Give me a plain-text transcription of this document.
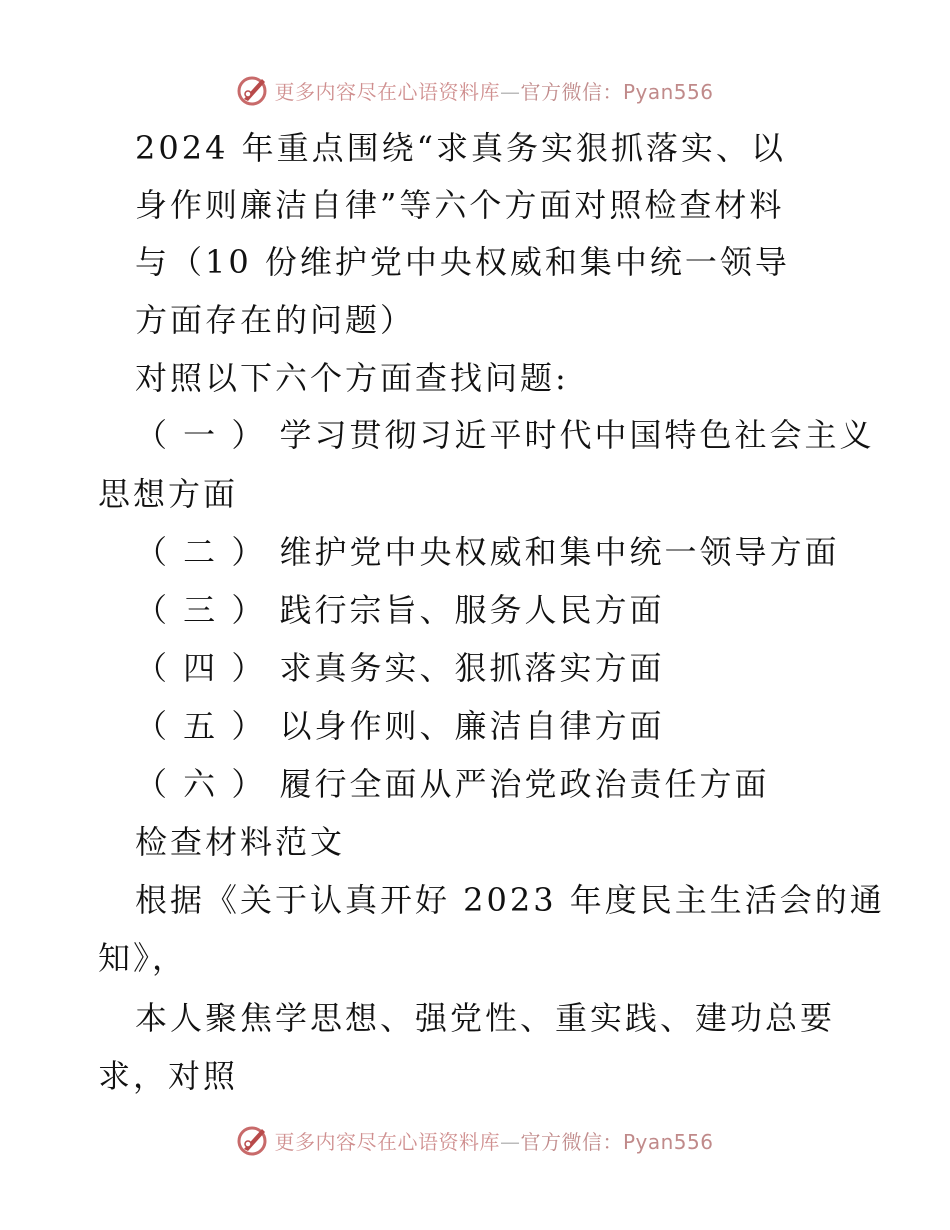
更多内容尽在心语资料库—官方微信：Pyan556
2024 年重点围绕“求真务实狠抓落实、以
身作则廉洁自律”等六个方面对照检查材料
与（10 份维护党中央权威和集中统一领导
方面存在的问题）
对照以下六个方面查找问题:
（ 一 ） 学习贯彻习近平时代中国特色社会主义
思想方面
（ 二 ） 维护党中央权威和集中统一领导方面
（ 三 ） 践行宗旨、服务人民方面
（ 四 ） 求真务实、狠抓落实方面
（ 五 ） 以身作则、廉洁自律方面
（ 六 ） 履行全面从严治党政治责任方面
检查材料范文
根据《关于认真开好 2023 年度民主生活会的通
知》，
本人聚焦学思想、强党性、重实践、建功总要
求，对照
更多内容尽在心语资料库—官方微信：Pyan556
